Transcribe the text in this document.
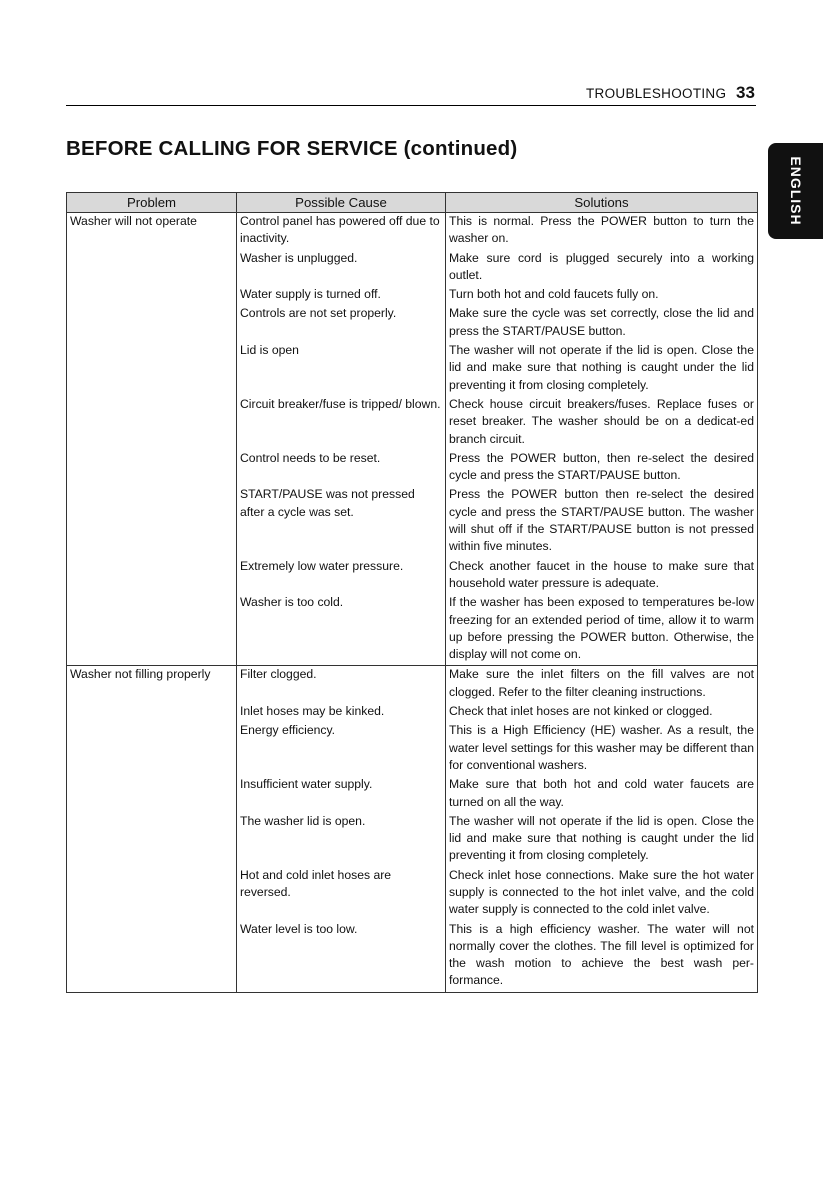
TROUBLESHOOTING 33
BEFORE CALLING FOR SERVICE (continued)
ENGLISH
Problem	Possible Cause	Solutions
Washer will not operate	Control panel has powered off due to inactivity.	This is normal. Press the POWER button to turn the washer on.
	Washer is unplugged.	Make sure cord is plugged securely into a working outlet.
	Water supply is turned off.	Turn both hot and cold faucets fully on.
	Controls are not set properly.	Make sure the cycle was set correctly, close the lid and press the START/PAUSE button.
	Lid is open	The washer will not operate if the lid is open. Close the lid and make sure that nothing is caught under the lid preventing it from closing completely.
	Circuit breaker/fuse is tripped/ blown.	Check house circuit breakers/fuses. Replace fuses or reset breaker. The washer should be on a dedicat-ed branch circuit.
	Control needs to be reset.	Press the POWER button, then re-select the desired cycle and press the START/PAUSE button.
	START/PAUSE was not pressed after a cycle was set.	Press the POWER button then re-select the desired cycle and press the START/PAUSE button. The washer will shut off if the START/PAUSE button is not pressed within five minutes.
	Extremely low water pressure.	Check another faucet in the house to make sure that household water pressure is adequate.
	Washer is too cold.	If the washer has been exposed to temperatures be-low freezing for an extended period of time, allow it to warm up before pressing the POWER button. Otherwise, the display will not come on.
Washer not filling properly	Filter clogged.	Make sure the inlet filters on the fill valves are not clogged. Refer to the filter cleaning instructions.
	Inlet hoses may be kinked.	Check that inlet hoses are not kinked or clogged.
	Energy efficiency.	This is a High Efficiency (HE) washer. As a result, the water level settings for this washer may be different than for conventional washers.
	Insufficient water supply.	Make sure that both hot and cold water faucets are turned on all the way.
	The washer lid is open.	The washer will not operate if the lid is open. Close the lid and make sure that nothing is caught under the lid preventing it from closing completely.
	Hot and cold inlet hoses are reversed.	Check inlet hose connections. Make sure the hot water supply is connected to the hot inlet valve, and the cold water supply is connected to the cold inlet valve.
	Water level is too low.	This is a high efficiency washer. The water will not normally cover the clothes. The fill level is optimized for the wash motion to achieve the best wash per-formance.
